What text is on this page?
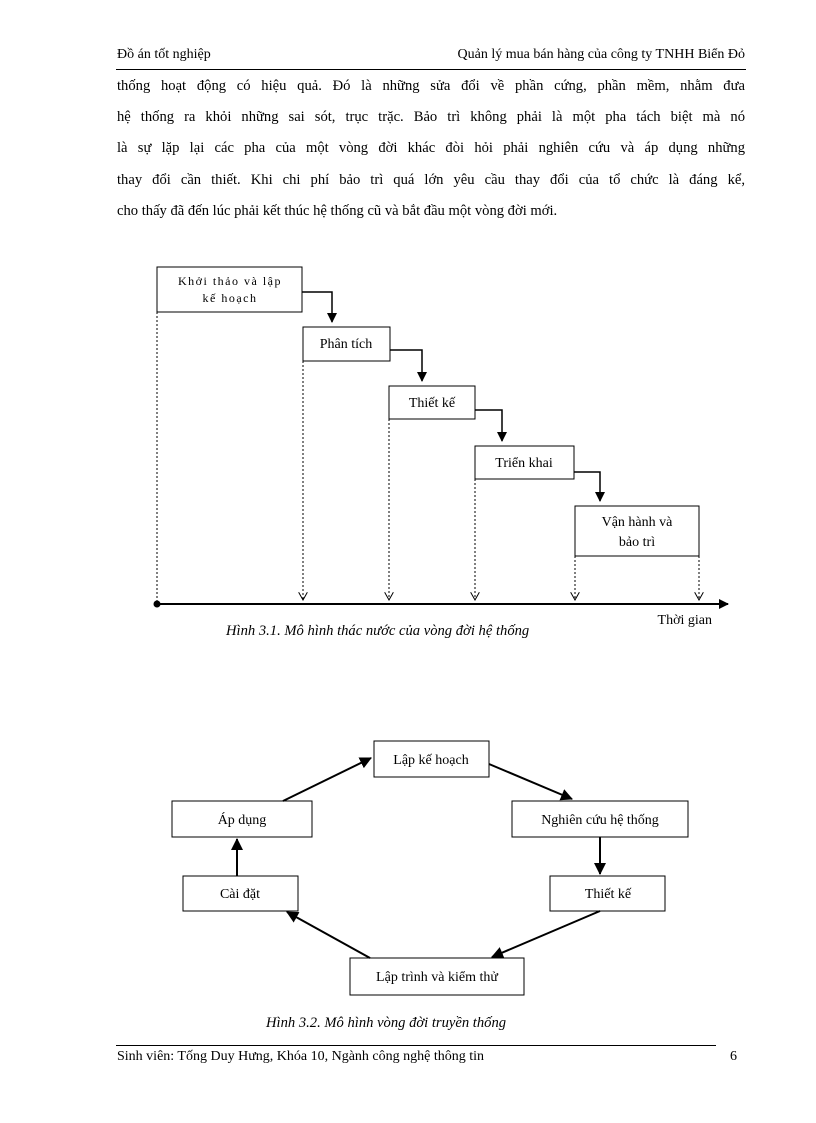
Đồ án tốt nghiệp	Quản lý mua bán hàng của công ty TNHH Biển Đỏ
thống hoạt động có hiệu quả. Đó là những sửa đổi về phần cứng, phần mềm, nhằm đưa
hệ thống ra khỏi những sai sót, trục trặc. Bảo trì không phải là một pha tách biệt mà nó
là sự lặp lại các pha của một vòng đời khác đòi hỏi phải nghiên cứu và áp dụng những
thay đổi cần thiết. Khi chi phí bảo trì quá lớn yêu cầu thay đổi của tổ chức là đáng kể,
cho thấy đã đến lúc phải kết thúc hệ thống cũ và bắt đầu một vòng đời mới.
Khởi thảo và lập
kế hoạch
Phân tích
Thiết kế
Triển khai
Vận hành và
bảo trì
Thời gian
Hình 3.1. Mô hình thác nước của vòng đời hệ thống
Lập kế hoạch
Nghiên cứu hệ thống
Thiết kế
Lập trình và kiểm thử
Cài đặt
Áp dụng
Hình 3.2. Mô hình vòng đời truyền thống
Sinh viên: Tống Duy Hưng, Khóa 10, Ngành công nghệ thông tin	6
